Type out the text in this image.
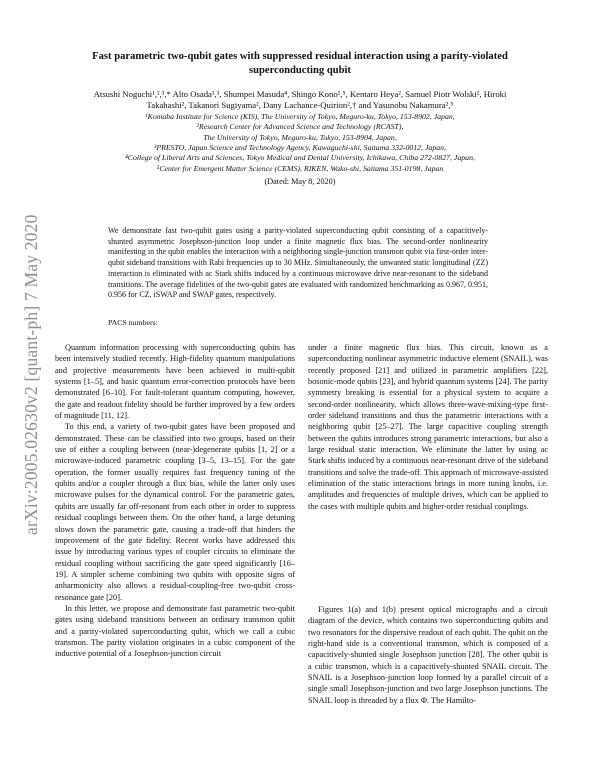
arXiv:2005.02630v2 [quant-ph] 7 May 2020
Fast parametric two-qubit gates with suppressed residual interaction using a parity-violated superconducting qubit
Atsushi Noguchi¹,²,³,* Alto Osada¹,³, Shumpei Masuda⁴, Shingo Kono²,⁵, Kentaro Heya², Samuel Piotr Wolski², Hiroki Takahashi², Takanori Sugiyama², Dany Lachance-Quirion²,† and Yasunobu Nakamura²,⁵
¹Komaba Institute for Science (KIS), The University of Tokyo, Meguro-ku, Tokyo, 153-8902, Japan,
²Research Center for Advanced Science and Technology (RCAST),
The University of Tokyo, Meguro-ku, Tokyo, 153-8904, Japan,
³PRESTO, Japan Science and Technology Agency, Kawaguchi-shi, Saitama 332-0012, Japan,
⁴College of Liberal Arts and Sciences, Tokyo Medical and Dental University, Ichikawa, Chiba 272-0827, Japan,
⁵Center for Emergent Matter Science (CEMS), RIKEN, Wako-shi, Saitama 351-0198, Japan
(Dated: May 8, 2020)
We demonstrate fast two-qubit gates using a parity-violated superconducting qubit consisting of a capacitively-shunted asymmetric Josephson-junction loop under a finite magnetic flux bias. The second-order nonlinearity manifesting in the qubit enables the interaction with a neighboring single-junction transmon qubit via first-order inter-qubit sideband transitions with Rabi frequencies up to 30 MHz. Simultaneously, the unwanted static longitudinal (ZZ) interaction is eliminated with ac Stark shifts induced by a continuous microwave drive near-resonant to the sideband transitions. The average fidelities of the two-qubit gates are evaluated with randomized benchmarking as 0.967, 0.951, 0.956 for CZ, iSWAP and SWAP gates, respectively.
PACS numbers:

Quantum information processing with superconducting qubits has been intensively studied recently. High-fidelity quantum manipulations and projective measurements have been achieved in multi-qubit systems [1–5], and basic quantum error-correction protocols have been demonstrated [6–10]. For fault-tolerant quantum computing, however, the gate and readout fidelity should be further improved by a few orders of magnitude [11, 12].

To this end, a variety of two-qubit gates have been proposed and demonstrated. These can be classified into two groups, based on their use of either a coupling between (near-)degenerate qubits [1, 2] or a microwave-induced parametric coupling [3–5, 13–15]. For the gate operation, the former usually requires fast frequency tuning of the qubits and/or a coupler through a flux bias, while the latter only uses microwave pulses for the dynamical control. For the parametric gates, qubits are usually far off-resonant from each other in order to suppress residual couplings between them. On the other hand, a large detuning slows down the parametric gate, causing a trade-off that hinders the improvement of the gate fidelity. Recent works have addressed this issue by introducing various types of coupler circuits to eliminate the residual coupling without sacrificing the gate speed significantly [16–19]. A simpler scheme combining two qubits with opposite signs of anharmonicity also allows a residual-coupling-free two-qubit cross-resonance gate [20].

In this letter, we propose and demonstrate fast parametric two-qubit gates using sideband transitions between an ordinary transmon qubit and a parity-violated superconducting qubit, which we call a cubic transmon. The parity violation originates in a cubic component of the inductive potential of a Josephson-junction circuit

under a finite magnetic flux bias. This circuit, known as a superconducting nonlinear asymmetric inductive element (SNAIL), was recently proposed [21] and utilized in parametric amplifiers [22], bosonic-mode qubits [23], and hybrid quantum systems [24]. The parity symmetry breaking is essential for a physical system to acquire a second-order nonlinearity, which allows three-wave-mixing-type first-order sideband transitions and thus the parametric interactions with a neighboring qubit [25–27]. The large capacitive coupling strength between the qubits introduces strong parametric interactions, but also a large residual static interaction. We eliminate the latter by using ac Stark shifts induced by a continuous near-resonant drive of the sideband transitions and solve the trade-off. This approach of microwave-assisted elimination of the static interactions brings in more tuning knobs, i.e. amplitudes and frequencies of multiple drives, which can be applied to the cases with multiple qubits and higher-order residual couplings.

Figures 1(a) and 1(b) present optical micrographs and a circuit diagram of the device, which contains two superconducting qubits and two resonators for the dispersive readout of each qubit. The qubit on the right-hand side is a conventional transmon, which is composed of a capacitively-shunted single Josephson junction [28]. The other qubit is a cubic transmon, which is a capacitively-shunted SNAIL circuit. The SNAIL is a Josephson-junction loop formed by a parallel circuit of a single small Josephson-junction and two large Josephson junctions. The SNAIL loop is threaded by a flux Φ. The Hamilto-
